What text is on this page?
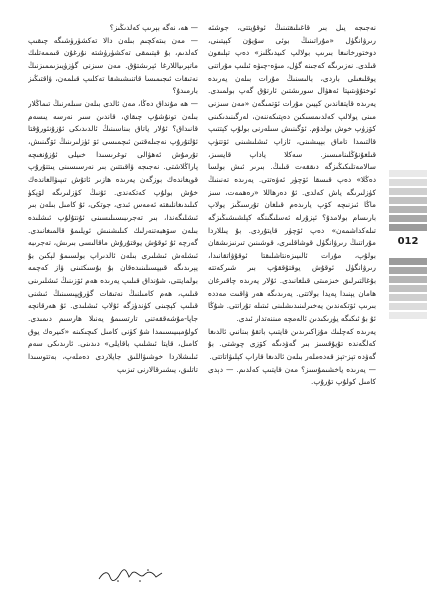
— ھە، نەگە بېرىپ كەلدىڭىز؟

— مەن بىتەكچىم بىلەن دالا تەكشۈرۈشىگە چىقىپ كەلدىم، بۇ قېتىمقى تەكشۈرۈشتە نۇرغۇن قىممەتلىك ماتېرىياللارغا ئېرىشتۇق. مەن سىزنى گۈزۈيىزىممىزنىڭ نەتىقات ئىجىمىسا قاتنىشىشقا تەكلىپ قىلمەن، ۋاقتىڭىز بارمىدۇ؟

— ھە مۇنداق دەڭا، مەن ئالدى بىلەن سىلەرنىڭ تىماڭلار بىلەن تونۇشۇپ چىقاي، قاندىن سىر نەرسە يىسەم قانىداق؟ ئۇلار ياتاق بىناسىنىڭ ئالدىدىكى ئۇزۇنئورۇقتا ئۇلتۇرۇپ نەجىلەقتىن ئىچمىسى ئۆ ئۈزلىرىنىڭ ئۆگىنىش، تۇرمۇش ئەھۋالى توغرىسىدا خىيلى ئۇزۇنغىچە پاراڭلاشتى. نەجىجە ۋاقىتتىن بىر نەرسىسىنى يىتتۇرۇپ قويغاندەك بوزگەن يەرىدە ھازىر ئاتۇش تىپىۋالغاندەك خۇش بولۇپ كەتكەندى. ئۇنىڭ كۈزلىرىگە لۆپكۈ كىلىدىغانلىقتە ئەمەس ئىدى، جوتكى، ئۇ كامىل بىلەن بىر ئىشلىگەندا، بىر تەجرىبىسىلىسىنى ئۇنتۇلۇپ ئىشلىدە بىلەن سۆھبەتنەرلىك كىلىشنىش ئويلىمۇ قالمىغانىدى. گەرچە ئۇ ئوقۇش يوقتۇرۇش ماقالىسى بىرىش، تەجرىبە ئىشلەش ئىشلىرى بىلەن ئالدىراپ بولسىمۇ لېكىن بۇ يېرىدىگە قىيپسىلىنىدەقان بۇ بۇسىكتىنى ۋاز كەچمە بولمايتتى، شۇنداق قىلىپ يەرىدە ھەم ئۆزىنىڭ ئىشلىرىنى قىلىپ، ھەم كامىلنىڭ نەتىقات گۈرۇپپىسىنىڭ ئىشنى قىلىپ كېچىنى كۈندۈزگە ئۇلاپ ئىشلىدى. ئۇ ھەرقانچە جاپا-مۇشەققەتنى تارتسىمۇ يەنىلا ھارسىم دىمىدى. كولۇمبىيىسىمدا شۇ كۈنى كامىل كىچىكىنە «كىيرەك يوق كامىل، قايتا ئىشلىپ باقايلى» دىدىنى. ئارىدىكى سەم ئىلىشلاردا خوشىۋاللىق جايلاردى دەملەپ، بەتتوسىدا تاتلىق، يىشىرقالارنى تىزىپ

نەجىجە يىل بىر قاغىلىقتىنىڭ ئوقۇيتتى، جوشئە رىرۋانگۈل «مۇراتىنىڭ بوئى سۇيۇن كېيتىنى، دوختورخانىغا بىرىپ بولالپ كىيدىڭلىز» دەپ تېلىفون قىلدى. نەزىرىگە كەجىنە گۈل، مىۋە-چىۋە ئىلىپ مۇراتنى يوقلىغىلى باردى، بالىسنىڭ مۇرات بىلەن يەرىدە ئوختۇۋىتىپتا ئەھۋال سورىشتىن ئارتۇق گەپ بولمىدى. يەرىدە قايتقاندىن كېيىن مۇرات ئۆتمىگەن «مەن سىزنى مىنى يولالپ كەلدىمسىكىن دەپتىكەننەن، لەرگىنىدىكىنى كۆزۈپ خوش بولدۇم. ئۆگىنىش سىلەرنى بولۇپ كېتتىپ قالتىمدا تاماق بېيىشىنى، ئازاپ ئىشلىشىنى ئۆتتۈپ قىلغۇنۇڭلىنامىسىز. سەكلا ياداپ قايسىز، سالامەتلىكىڭىزگە دىققەت قىلىڭ. بىرىر ئىش بولسا دەڭلا» دەپ قىسقا ئۆچۈر ئەۋەتتى. يەرىدە تەنىنىڭ كۈزلىرىگە ياش كەلدى. ئۇ دەرھاللا «رەھمەت، سىز ماڭا ئىزنىچە كۆپ يارىدەم قىلغان تۇرسىڭىز يولاپ بارىسام بولامدۇ؟ ئېزۇرلە ئەسلىگىنگە كېلشىشىڭىزگە تىلەكداشمەن» دەپ ئۆچۈر قايتۇردى. بۇ يىللاردا مۇراتنىڭ رىرۋانگۈل قوشاقلىرى، قوشىنىن تىرنىزىشقان بولۇپ، مۇرات ئالىيىزەنتاشلىقتا ئوقۇۋاتقانىدا، رىرۋانگۈل ئوقۇش يوقتۇققۇپ بىر شىركەتتە بۇغالتىرلىق خىزمىتى قىلغانىدى. ئۇلار يەرىدە چاقىرغان ھامان يېنىدا پەيدا بولاتتى. يەرىدىگە ھەر ۋاقىت مەددە بىرىپ ئۆتكەندىن يەخىرلىنىدىشلىنى ئىتىلە تۇراتتى. شۇڭا ئۇ بۇ ئىكىگە يۈرىكىدىن ئالەمچە مىننەتدار ئىدى.

يەرىدە كەچلىك مۇزاكىرىدىن قايتىپ باتقۇ بىنانىي ئالدىغا كەلگەندە تۇيۇقسىز بىر گەۋدىگە كۆزى چوشتى. بۇ گەۋدە تېز-تېز قەدەملەر بىلەن ئالدىغا قاراپ كېلىۋاتاتتى.

— يەرىدە ياخشىمۇسىز؟ مەن قايتىپ كەلدىم. — دېدى كامىل كولۇپ تۇرۇپ.

012
